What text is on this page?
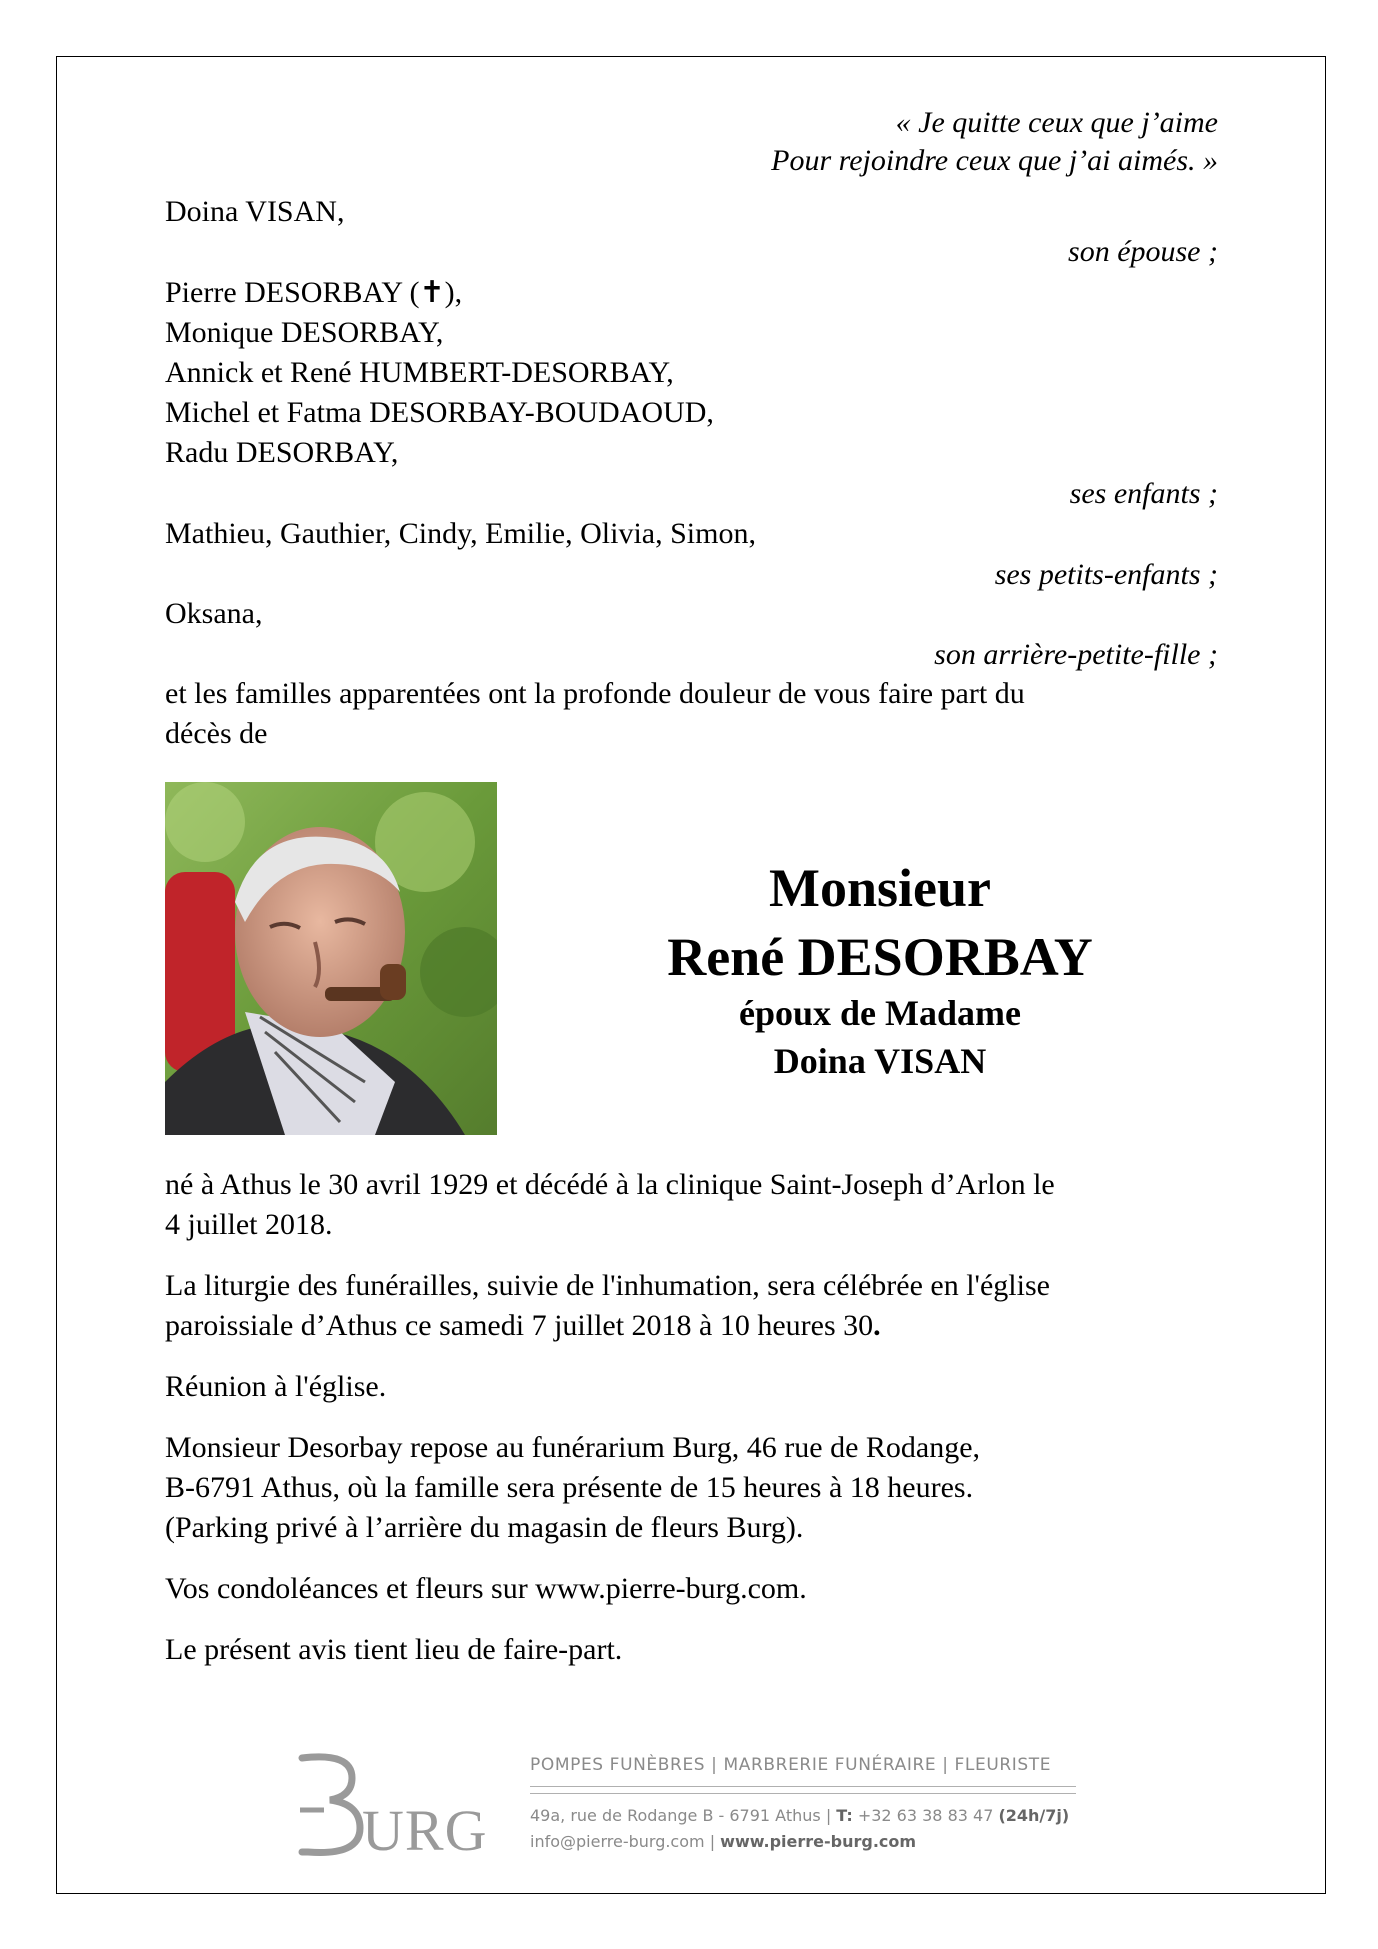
« Je quitte ceux que j’aime
Pour rejoindre ceux que j’ai aimés. »
Doina VISAN,
son épouse ;
Pierre DESORBAY (✝),
Monique DESORBAY,
Annick et René HUMBERT-DESORBAY,
Michel et Fatma DESORBAY-BOUDAOUD,
Radu DESORBAY,
ses enfants ;
Mathieu, Gauthier, Cindy, Emilie, Olivia, Simon,
ses petits-enfants ;
Oksana,
son arrière-petite-fille ;
et les familles apparentées ont la profonde douleur de vous faire part du
décès de
Monsieur
René DESORBAY
époux de Madame
Doina VISAN
né à Athus le 30 avril 1929 et décédé à la clinique Saint-Joseph d’Arlon le
4 juillet 2018.
La liturgie des funérailles, suivie de l'inhumation, sera célébrée en l'église
paroissiale d’Athus ce samedi 7 juillet 2018 à 10 heures 30.
Réunion à l'église.
Monsieur Desorbay repose au funérarium Burg, 46 rue de Rodange,
B-6791 Athus, où la famille sera présente de 15 heures à 18 heures.
(Parking privé à l’arrière du magasin de fleurs Burg).
Vos condoléances et fleurs sur www.pierre-burg.com.
Le présent avis tient lieu de faire-part.
URG
POMPES FUNÈBRES | MARBRERIE FUNÉRAIRE | FLEURISTE
49a, rue de Rodange B - 6791 Athus | T: +32 63 38 83 47 (24h/7j)
info@pierre-burg.com | www.pierre-burg.com
